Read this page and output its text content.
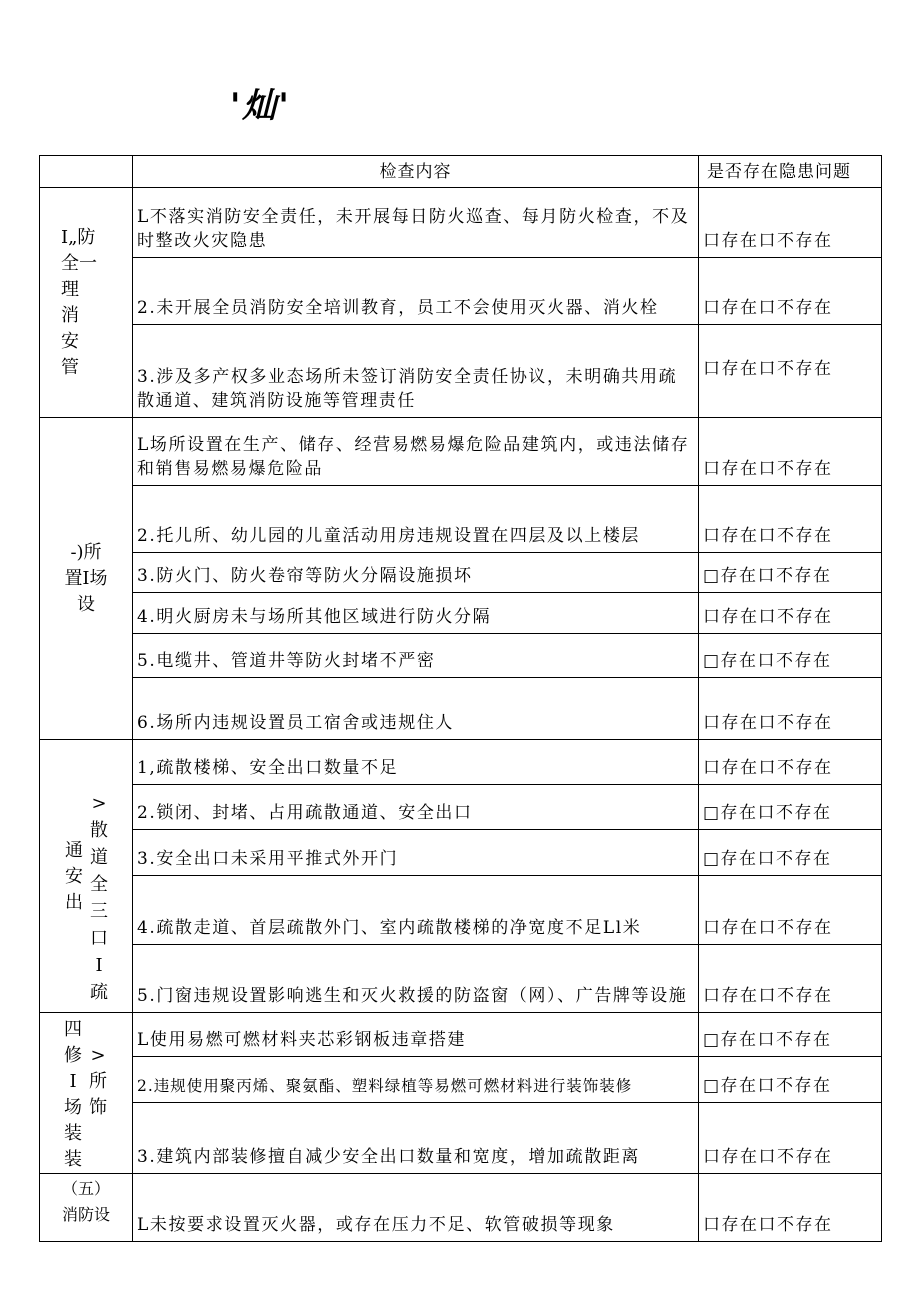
'灿'
	检查内容	是否存在隐患问题

I„防全一理
消安管	L不落实消防安全责任，未开展每日防火巡查、每月防火检查，不及时整改火灾隐患	口存在口不存在
	2.未开展全员消防安全培训教育，员工不会使用灭火器、消火栓	口存在口不存在
	3.涉及多产权多业态场所未签订消防安全责任协议，未明确共用疏散通道、建筑消防设施等管理责任	口存在口不存在
-)所置I场设	L场所设置在生产、储存、经营易燃易爆危险品建筑内，或违法储存和销售易燃易爆危险品	口存在口不存在
	2.托儿所、幼儿园的儿童活动用房违规设置在四层及以上楼层	口存在口不存在
	3.防火门、防火卷帘等防火分隔设施损坏	□存在口不存在
	4.明火厨房未与场所其他区域进行防火分隔	口存在口不存在
	5.电缆井、管道井等防火封堵不严密	□存在口不存在
	6.场所内违规设置员工宿舍或违规住人	口存在口不存在

通安出
>散道全三口I疏	1,疏散楼梯、安全出口数量不足	口存在口不存在
	2.锁闭、封堵、占用疏散通道、安全出口	□存在口不存在
	3.安全出口未采用平推式外开门	□存在口不存在
	4.疏散走道、首层疏散外门、室内疏散楼梯的净宽度不足Ll米	口存在口不存在
	5.门窗违规设置影响逃生和灭火救援的防盗窗（网）、广告牌等设施	口存在口不存在

四修I场装装
>所饰	L使用易燃可燃材料夹芯彩钢板违章搭建	□存在口不存在
	2.违规使用聚丙烯、聚氨酯、塑料绿植等易燃可燃材料进行装饰装修	□存在口不存在
	3.建筑内部装修擅自减少安全出口数量和宽度，增加疏散距离	口存在口不存在

（五）
消防设	L未按要求设置灭火器，或存在压力不足、软管破损等现象	口存在口不存在
